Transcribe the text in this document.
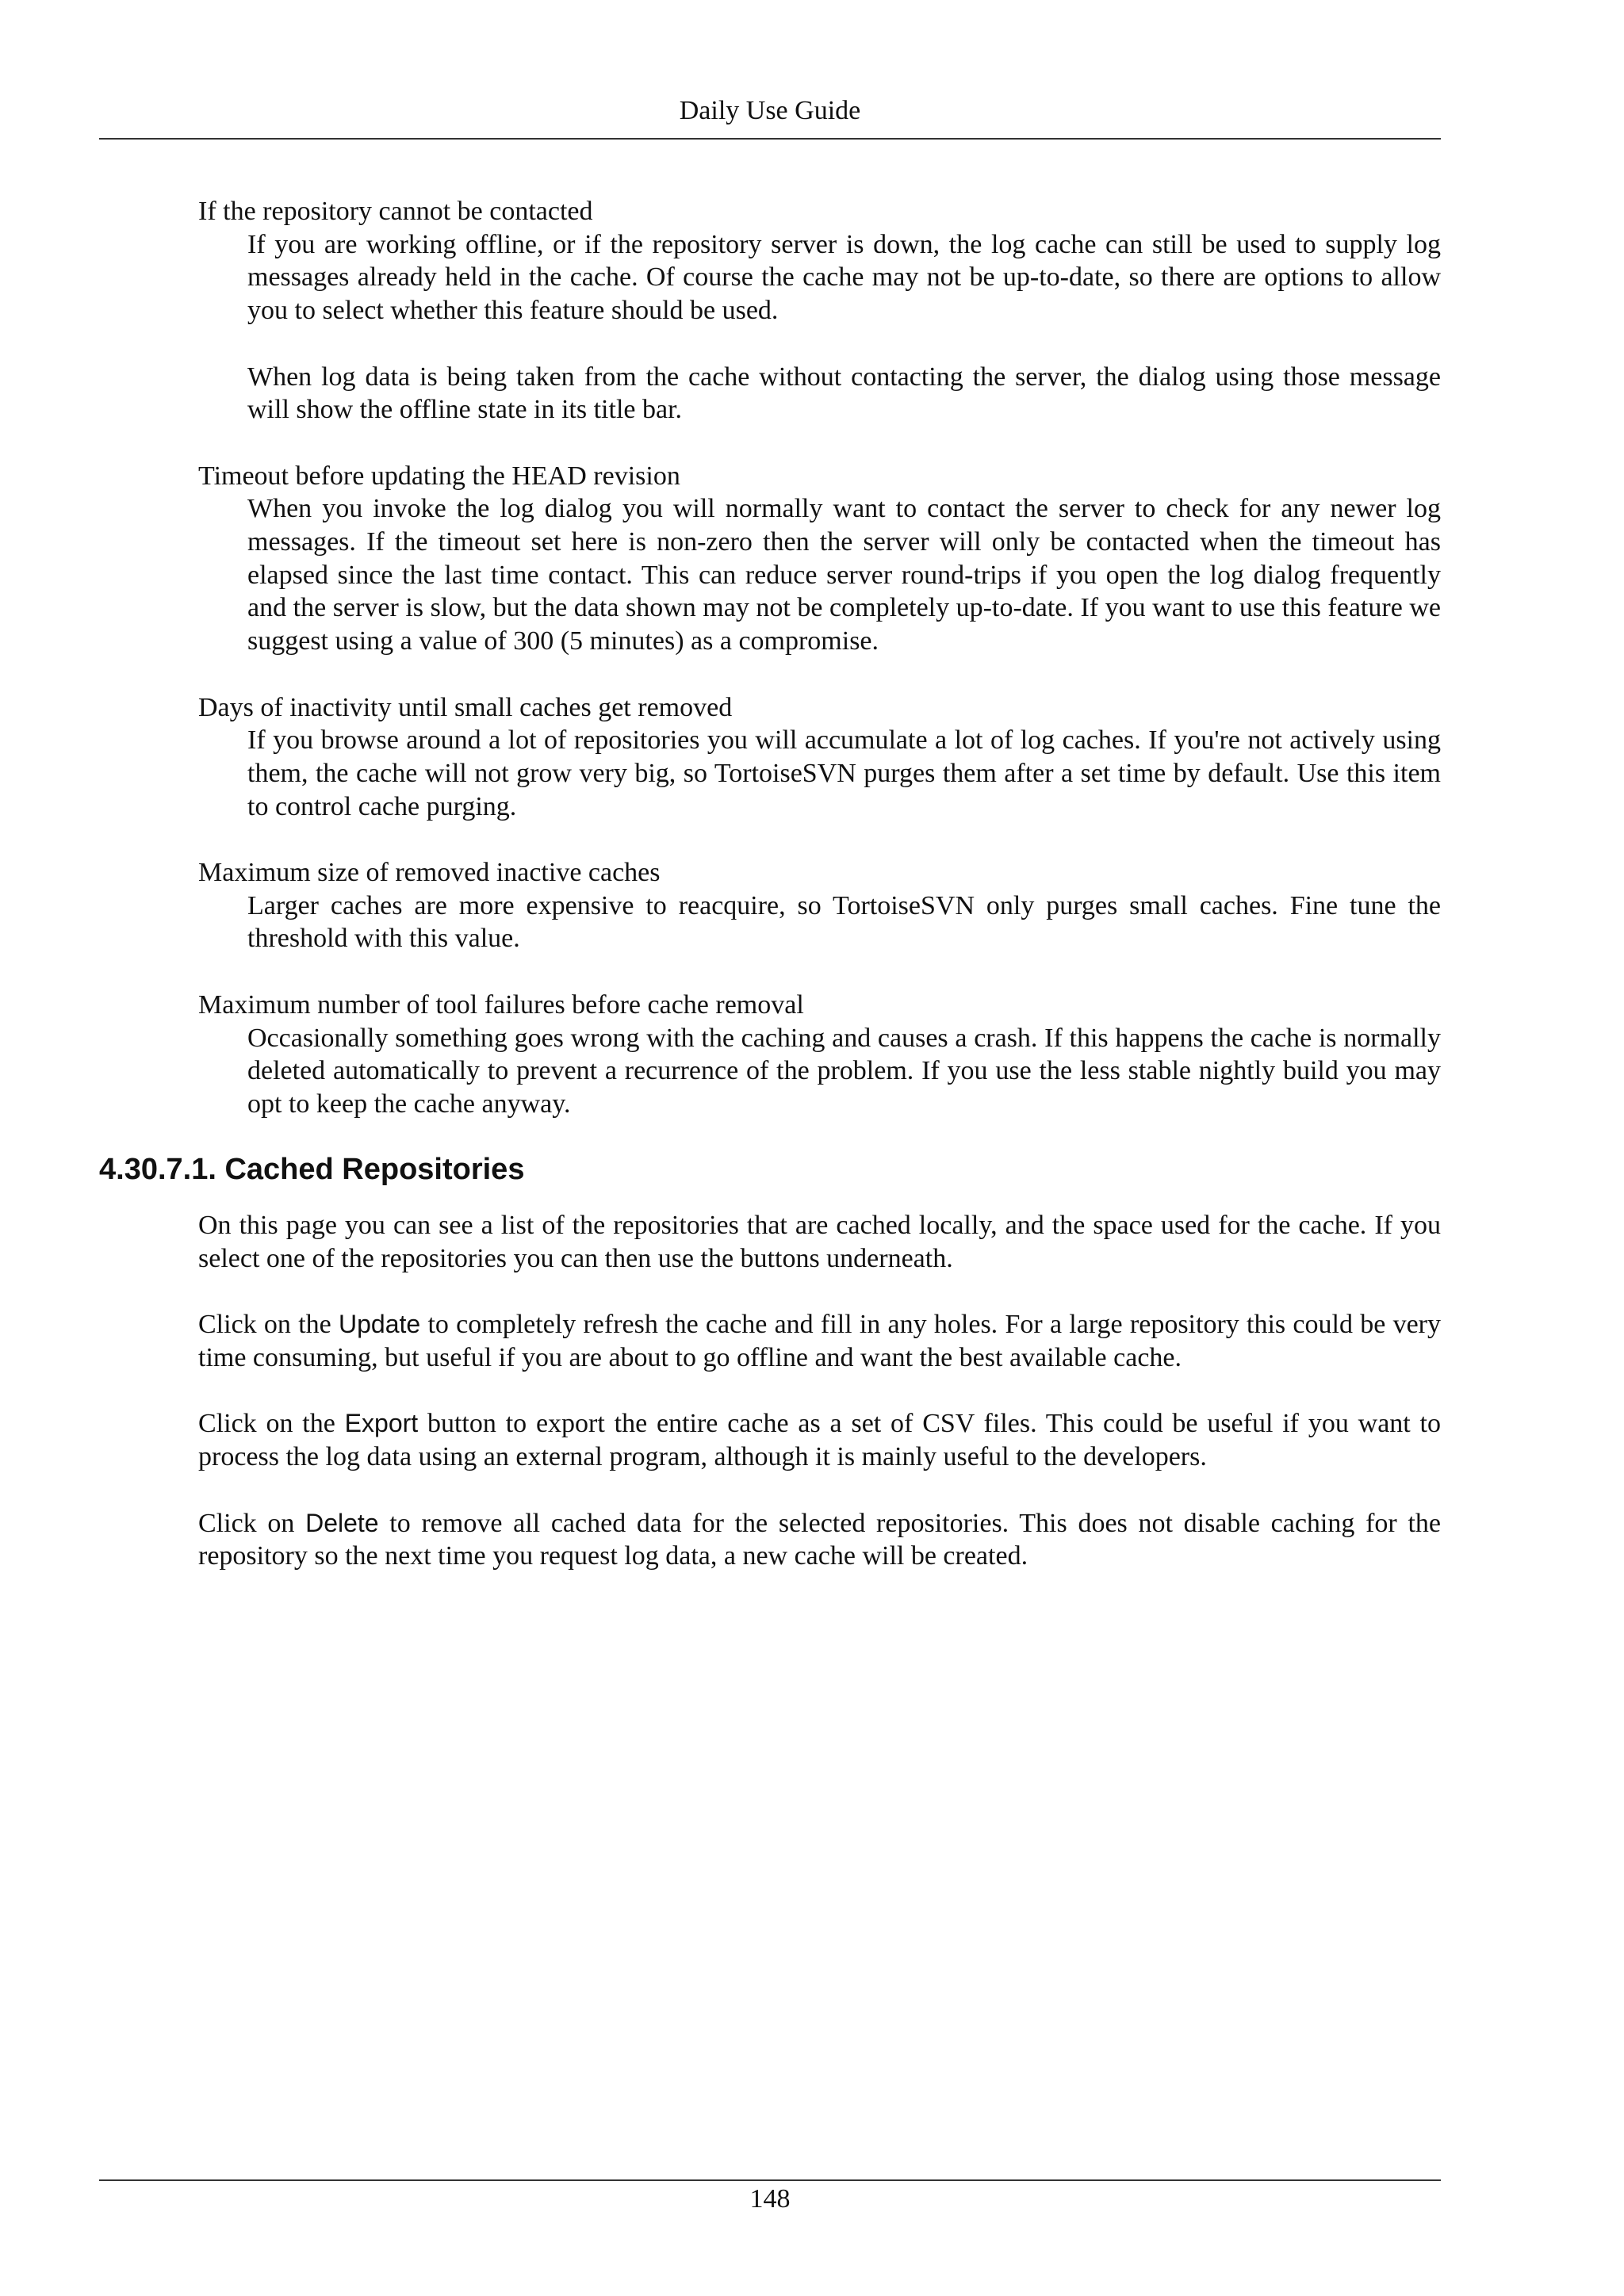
Daily Use Guide
If the repository cannot be contacted

If you are working offline, or if the repository server is down, the log cache can still be used to supply log messages already held in the cache. Of course the cache may not be up-to-date, so there are options to allow you to select whether this feature should be used.

When log data is being taken from the cache without contacting the server, the dialog using those message will show the offline state in its title bar.

Timeout before updating the HEAD revision

When you invoke the log dialog you will normally want to contact the server to check for any newer log messages. If the timeout set here is non-zero then the server will only be contacted when the timeout has elapsed since the last time contact. This can reduce server round-trips if you open the log dialog frequently and the server is slow, but the data shown may not be completely up-to-date. If you want to use this feature we suggest using a value of 300 (5 minutes) as a compromise.

Days of inactivity until small caches get removed

If you browse around a lot of repositories you will accumulate a lot of log caches. If you're not actively using them, the cache will not grow very big, so TortoiseSVN purges them after a set time by default. Use this item to control cache purging.

Maximum size of removed inactive caches

Larger caches are more expensive to reacquire, so TortoiseSVN only purges small caches. Fine tune the threshold with this value.

Maximum number of tool failures before cache removal

Occasionally something goes wrong with the caching and causes a crash. If this happens the cache is normally deleted automatically to prevent a recurrence of the problem. If you use the less stable nightly build you may opt to keep the cache anyway.

4.30.7.1. Cached Repositories

On this page you can see a list of the repositories that are cached locally, and the space used for the cache. If you select one of the repositories you can then use the buttons underneath.

Click on the Update to completely refresh the cache and fill in any holes. For a large repository this could be very time consuming, but useful if you are about to go offline and want the best available cache.

Click on the Export button to export the entire cache as a set of CSV files. This could be useful if you want to process the log data using an external program, although it is mainly useful to the developers.

Click on Delete to remove all cached data for the selected repositories. This does not disable caching for the repository so the next time you request log data, a new cache will be created.

148
